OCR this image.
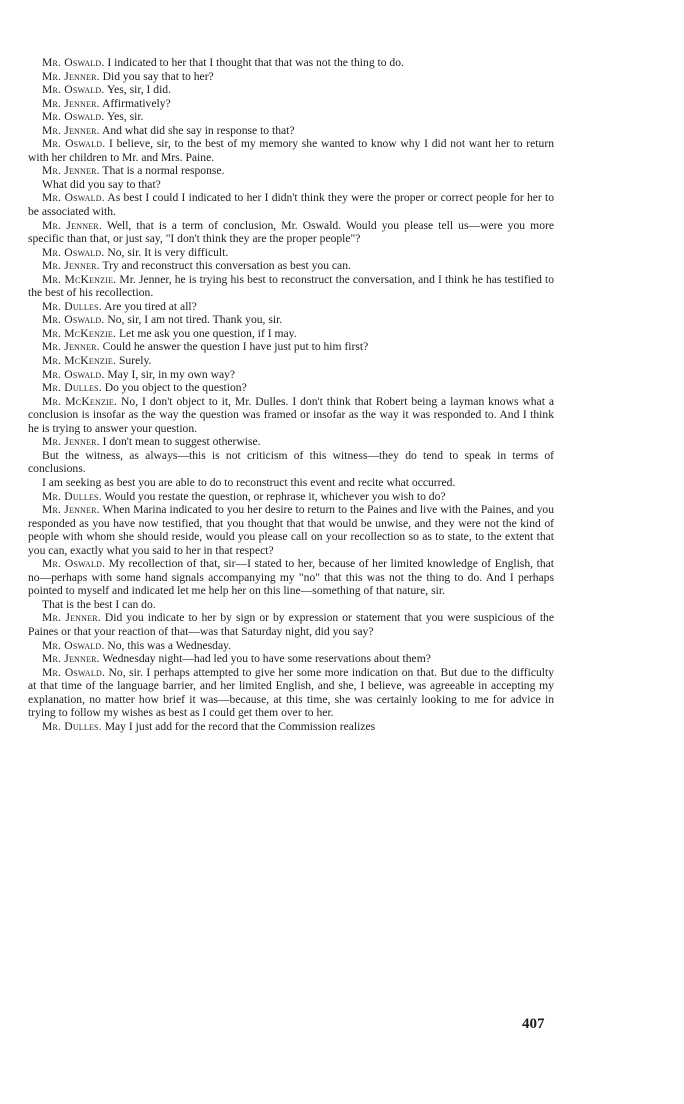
Mr. Oswald. I indicated to her that I thought that that was not the thing to do.

Mr. Jenner. Did you say that to her?

Mr. Oswald. Yes, sir, I did.

Mr. Jenner. Affirmatively?

Mr. Oswald. Yes, sir.

Mr. Jenner. And what did she say in response to that?

Mr. Oswald. I believe, sir, to the best of my memory she wanted to know why I did not want her to return with her children to Mr. and Mrs. Paine.

Mr. Jenner. That is a normal response.

What did you say to that?

Mr. Oswald. As best I could I indicated to her I didn't think they were the proper or correct people for her to be associated with.

Mr. Jenner. Well, that is a term of conclusion, Mr. Oswald. Would you please tell us—were you more specific than that, or just say, "I don't think they are the proper people"?

Mr. Oswald. No, sir. It is very difficult.

Mr. Jenner. Try and reconstruct this conversation as best you can.

Mr. McKenzie. Mr. Jenner, he is trying his best to reconstruct the conversation, and I think he has testified to the best of his recollection.

Mr. Dulles. Are you tired at all?

Mr. Oswald. No, sir, I am not tired. Thank you, sir.

Mr. McKenzie. Let me ask you one question, if I may.

Mr. Jenner. Could he answer the question I have just put to him first?

Mr. McKenzie. Surely.

Mr. Oswald. May I, sir, in my own way?

Mr. Dulles. Do you object to the question?

Mr. McKenzie. No, I don't object to it, Mr. Dulles. I don't think that Robert being a layman knows what a conclusion is insofar as the way the question was framed or insofar as the way it was responded to. And I think he is trying to answer your question.

Mr. Jenner. I don't mean to suggest otherwise.

But the witness, as always—this is not criticism of this witness—they do tend to speak in terms of conclusions.

I am seeking as best you are able to do to reconstruct this event and recite what occurred.

Mr. Dulles. Would you restate the question, or rephrase it, whichever you wish to do?

Mr. Jenner. When Marina indicated to you her desire to return to the Paines and live with the Paines, and you responded as you have now testified, that you thought that that would be unwise, and they were not the kind of people with whom she should reside, would you please call on your recollection so as to state, to the extent that you can, exactly what you said to her in that respect?

Mr. Oswald. My recollection of that, sir—I stated to her, because of her limited knowledge of English, that no—perhaps with some hand signals accompanying my "no" that this was not the thing to do. And I perhaps pointed to myself and indicated let me help her on this line—something of that nature, sir.

That is the best I can do.

Mr. Jenner. Did you indicate to her by sign or by expression or statement that you were suspicious of the Paines or that your reaction of that—was that Saturday night, did you say?

Mr. Oswald. No, this was a Wednesday.

Mr. Jenner. Wednesday night—had led you to have some reservations about them?

Mr. Oswald. No, sir. I perhaps attempted to give her some more indication on that. But due to the difficulty at that time of the language barrier, and her limited English, and she, I believe, was agreeable in accepting my explanation, no matter how brief it was—because, at this time, she was certainly looking to me for advice in trying to follow my wishes as best as I could get them over to her.

Mr. Dulles. May I just add for the record that the Commission realizes

407
